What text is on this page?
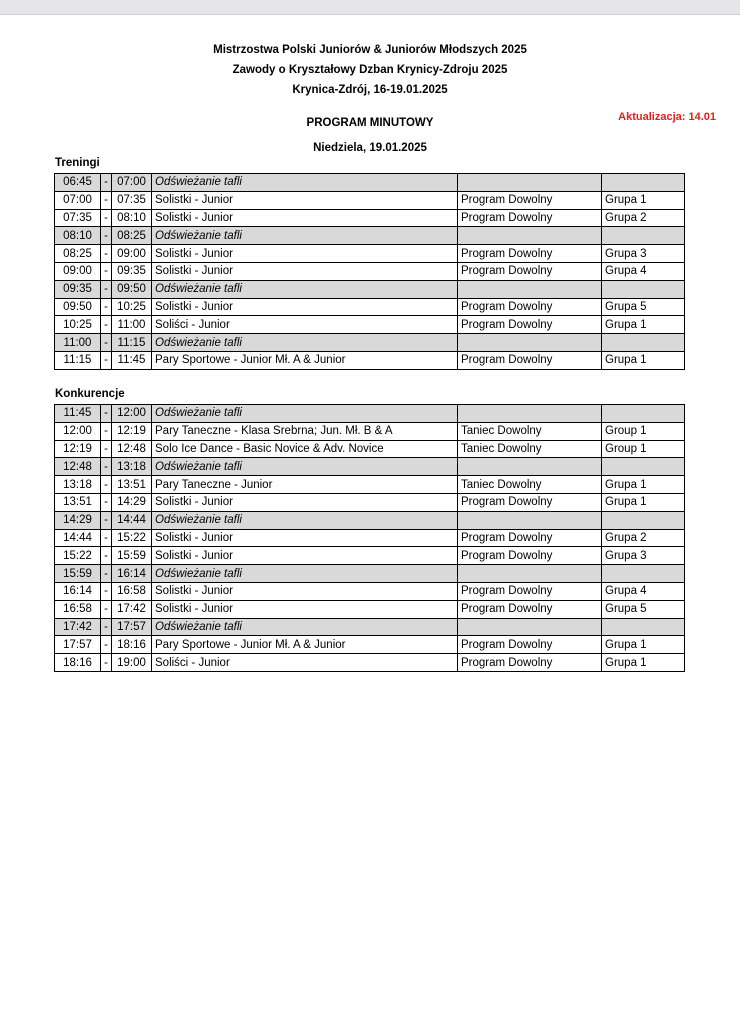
Mistrzostwa Polski Juniorów & Juniorów Młodszych 2025
Zawody o Kryształowy Dzban Krynicy-Zdroju 2025
Krynica-Zdrój, 16-19.01.2025
PROGRAM MINUTOWY	Aktualizacja: 14.01
Niedziela, 19.01.2025
Treningi
06:45	-	07:00	Odświeżanie tafli		
07:00	-	07:35	Solistki - Junior	Program Dowolny	Grupa 1
07:35	-	08:10	Solistki - Junior	Program Dowolny	Grupa 2
08:10	-	08:25	Odświeżanie tafli		
08:25	-	09:00	Solistki - Junior	Program Dowolny	Grupa 3
09:00	-	09:35	Solistki - Junior	Program Dowolny	Grupa 4
09:35	-	09:50	Odświeżanie tafli		
09:50	-	10:25	Solistki - Junior	Program Dowolny	Grupa 5
10:25	-	11:00	Soliści - Junior	Program Dowolny	Grupa 1
11:00	-	11:15	Odświeżanie tafli		
11:15	-	11:45	Pary Sportowe - Junior Mł. A & Junior	Program Dowolny	Grupa 1
Konkurencje
11:45	-	12:00	Odświeżanie tafli		
12:00	-	12:19	Pary Taneczne - Klasa Srebrna; Jun. Mł. B & A	Taniec Dowolny	Group 1
12:19	-	12:48	Solo Ice Dance - Basic Novice & Adv. Novice	Taniec Dowolny	Group 1
12:48	-	13:18	Odświeżanie tafli		
13:18	-	13:51	Pary Taneczne - Junior	Taniec Dowolny	Grupa 1
13:51	-	14:29	Solistki - Junior	Program Dowolny	Grupa 1
14:29	-	14:44	Odświeżanie tafli		
14:44	-	15:22	Solistki - Junior	Program Dowolny	Grupa 2
15:22	-	15:59	Solistki - Junior	Program Dowolny	Grupa 3
15:59	-	16:14	Odświeżanie tafli		
16:14	-	16:58	Solistki - Junior	Program Dowolny	Grupa 4
16:58	-	17:42	Solistki - Junior	Program Dowolny	Grupa 5
17:42	-	17:57	Odświeżanie tafli		
17:57	-	18:16	Pary Sportowe - Junior Mł. A & Junior	Program Dowolny	Grupa 1
18:16	-	19:00	Soliści - Junior	Program Dowolny	Grupa 1
